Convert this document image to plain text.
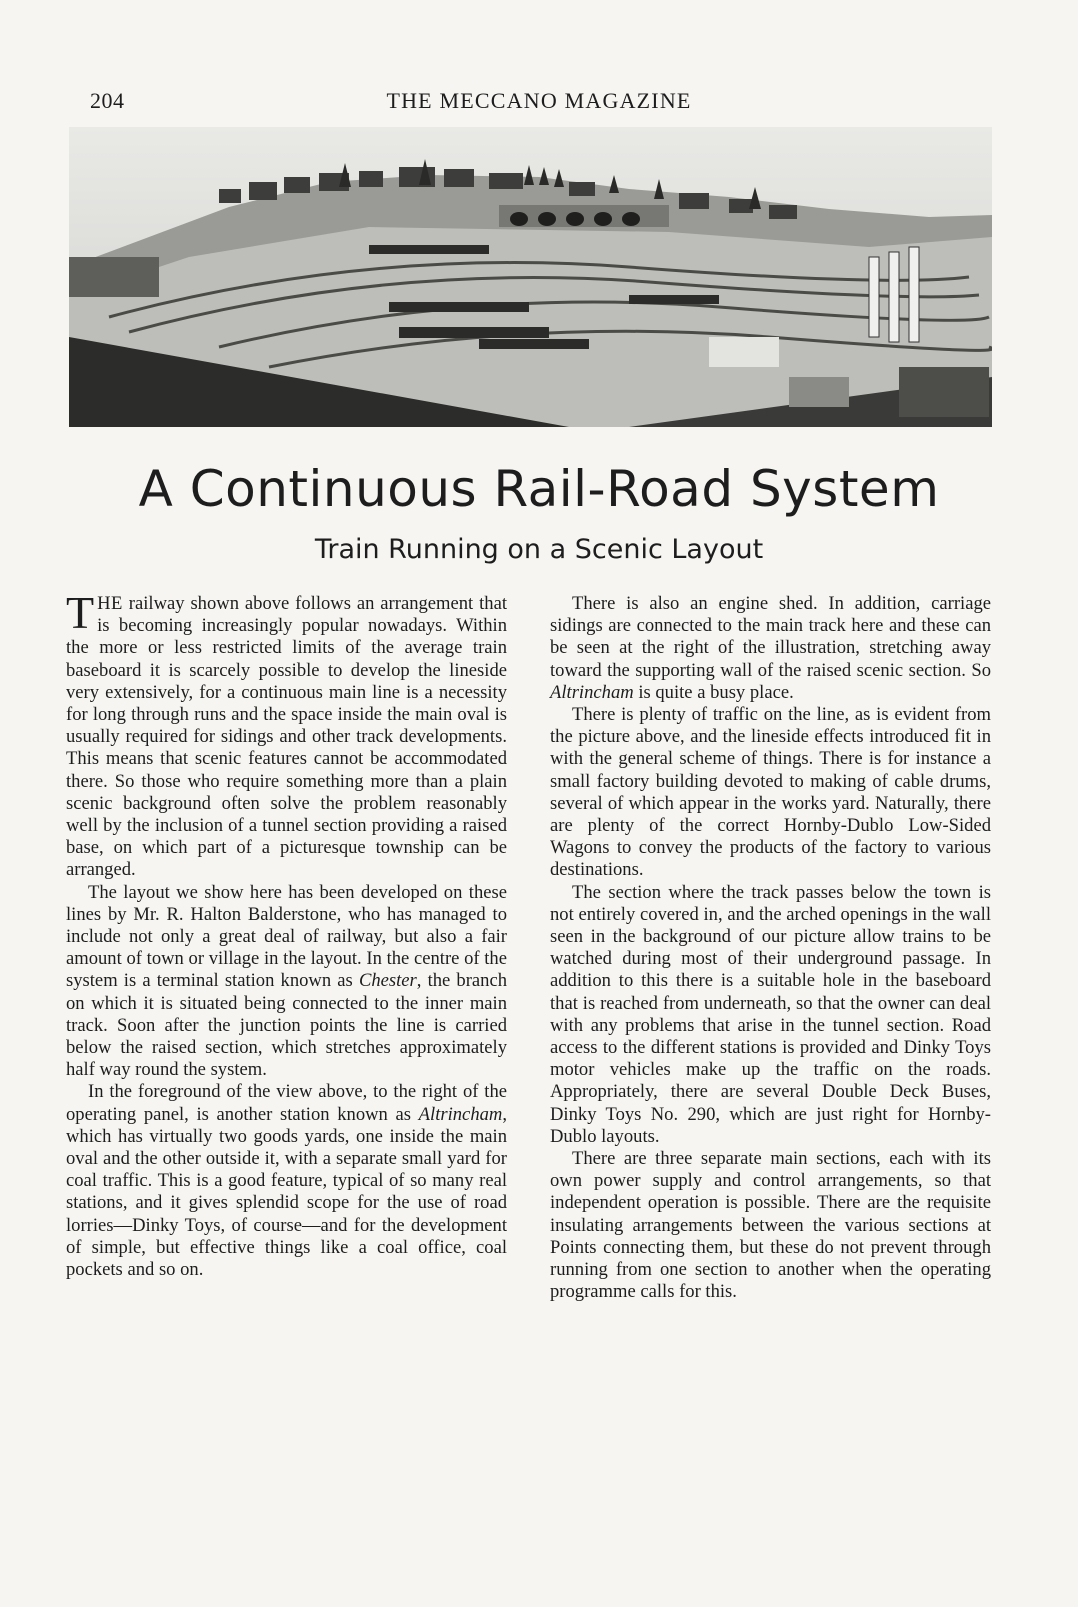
204	THE MECCANO MAGAZINE
A Continuous Rail-Road System
Train Running on a Scenic Layout

THE railway shown above follows an arrangement that is becoming increasingly popular nowadays. Within the more or less restricted limits of the average train baseboard it is scarcely possible to develop the lineside very extensively, for a continuous main line is a necessity for long through runs and the space inside the main oval is usually required for sidings and other track developments. This means that scenic features cannot be accommodated there. So those who require something more than a plain scenic background often solve the problem reasonably well by the inclusion of a tunnel section providing a raised base, on which part of a picturesque township can be arranged.

The layout we show here has been developed on these lines by Mr. R. Halton Balderstone, who has managed to include not only a great deal of railway, but also a fair amount of town or village in the layout. In the centre of the system is a terminal station known as Chester, the branch on which it is situated being connected to the inner main track. Soon after the junction points the line is carried below the raised section, which stretches approximately half way round the system.

In the foreground of the view above, to the right of the operating panel, is another station known as Altrincham, which has virtually two goods yards, one inside the main oval and the other outside it, with a separate small yard for coal traffic. This is a good feature, typical of so many real stations, and it gives splendid scope for the use of road lorries—Dinky Toys, of course—and for the development of simple, but effective things like a coal office, coal pockets and so on.

There is also an engine shed. In addition, carriage sidings are connected to the main track here and these can be seen at the right of the illustration, stretching away toward the supporting wall of the raised scenic section. So Altrincham is quite a busy place.

There is plenty of traffic on the line, as is evident from the picture above, and the lineside effects introduced fit in with the general scheme of things. There is for instance a small factory building devoted to making of cable drums, several of which appear in the works yard. Naturally, there are plenty of the correct Hornby-Dublo Low-Sided Wagons to convey the products of the factory to various destinations.

The section where the track passes below the town is not entirely covered in, and the arched openings in the wall seen in the background of our picture allow trains to be watched during most of their underground passage. In addition to this there is a suitable hole in the baseboard that is reached from underneath, so that the owner can deal with any problems that arise in the tunnel section. Road access to the different stations is provided and Dinky Toys motor vehicles make up the traffic on the roads. Appropriately, there are several Double Deck Buses, Dinky Toys No. 290, which are just right for Hornby-Dublo layouts.

There are three separate main sections, each with its own power supply and control arrangements, so that independent operation is possible. There are the requisite insulating arrangements between the various sections at Points connecting them, but these do not prevent through running from one section to another when the operating programme calls for this.
